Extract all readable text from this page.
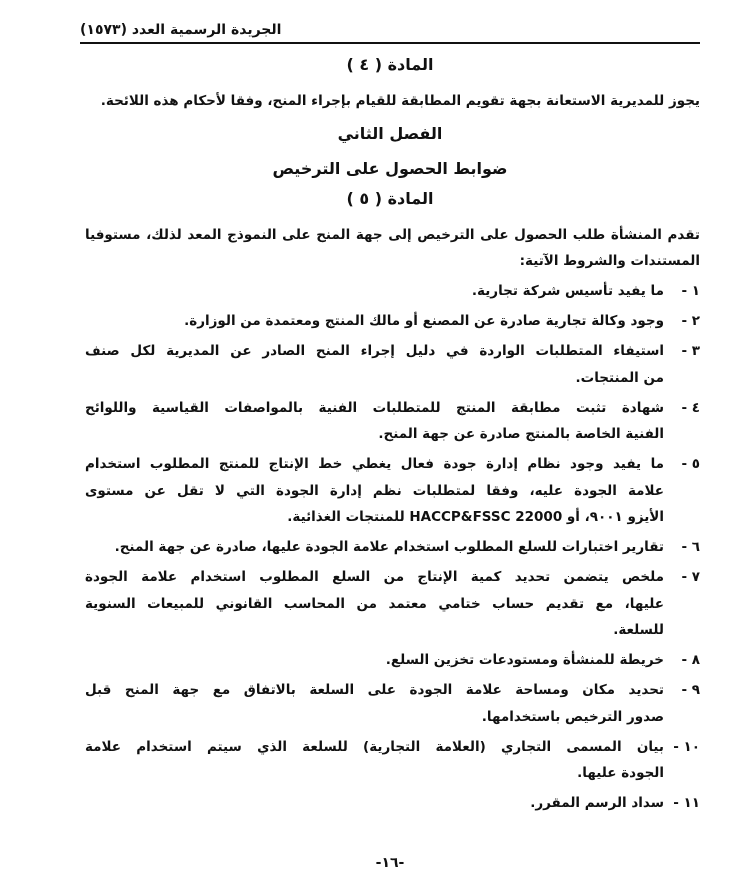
الجريدة الرسمية العدد (١٥٧٣)
المادة ( ٤ )
يجوز للمديرية الاستعانة بجهة تقويم المطابقة للقيام بإجراء المنح، وفقا لأحكام هذه اللائحة.
الفصل الثاني
ضوابط الحصول على الترخيص
المادة ( ٥ )
تقدم المنشأة طلب الحصول على الترخيص إلى جهة المنح على النموذج المعد لذلك، مستوفيا
المستندات والشروط الآتية:
١ -
ما يفيد تأسيس شركة تجارية.
٢ -
وجود وكالة تجارية صادرة عن المصنع أو مالك المنتج ومعتمدة من الوزارة.
٣ -
استيفاء المتطلبات الواردة في دليل إجراء المنح الصادر عن المديرية لكل صنف
من المنتجات.
٤ -
شهادة تثبت مطابقة المنتج للمتطلبات الفنية بالمواصفات القياسية واللوائح
الفنية الخاصة بالمنتج صادرة عن جهة المنح.
٥ -
ما يفيد وجود نظام إدارة جودة فعال يغطي خط الإنتاج للمنتج المطلوب استخدام
علامة الجودة عليه، وفقا لمتطلبات نظم إدارة الجودة التي لا تقل عن مستوى
الأيزو ٩٠٠١، أو HACCP&FSSC 22000 للمنتجات الغذائية.
٦ -
تقارير اختبارات للسلع المطلوب استخدام علامة الجودة عليها، صادرة عن جهة المنح.
٧ -
ملخص يتضمن تحديد كمية الإنتاج من السلع المطلوب استخدام علامة الجودة
عليها، مع تقديم حساب ختامي معتمد من المحاسب القانوني للمبيعات السنوية
للسلعة.
٨ -
خريطة للمنشأة ومستودعات تخزين السلع.
٩ -
تحديد مكان ومساحة علامة الجودة على السلعة بالاتفاق مع جهة المنح قبل
صدور الترخيص باستخدامها.
١٠ -
بيان المسمى التجاري (العلامة التجارية) للسلعة الذي سيتم استخدام علامة
الجودة عليها.
١١ -
سداد الرسم المقرر.
-١٦-
